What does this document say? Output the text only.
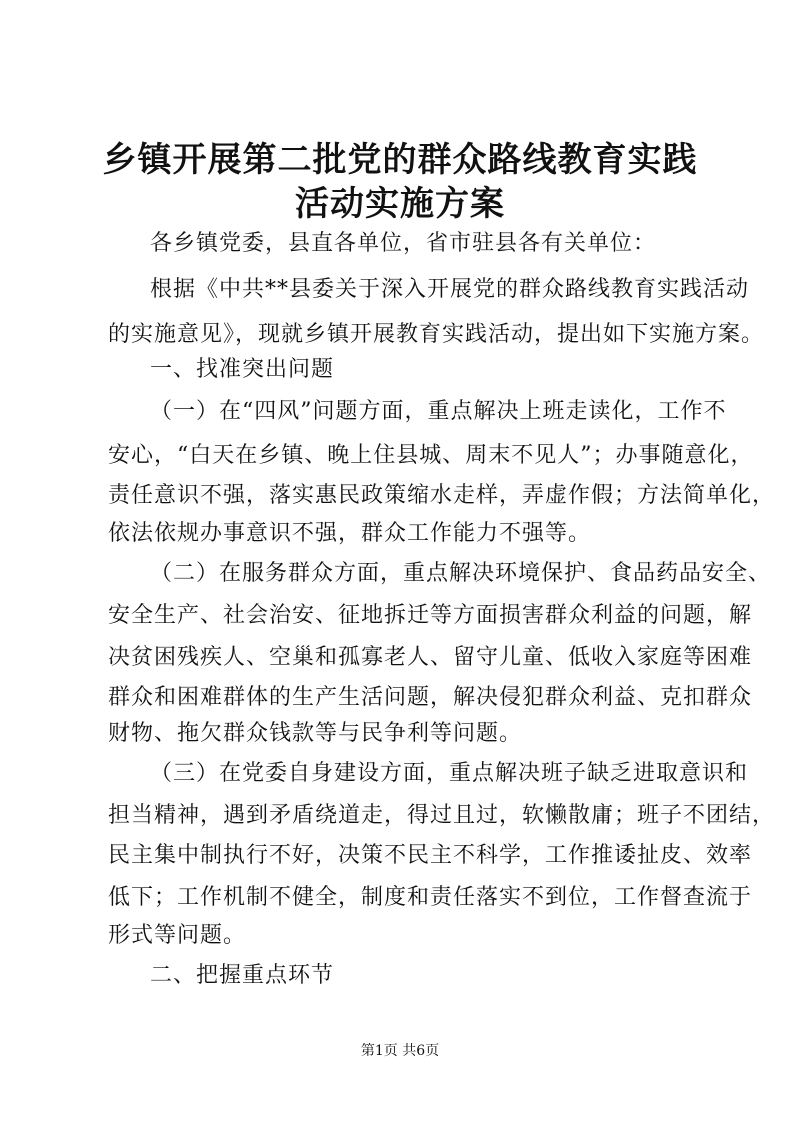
乡镇开展第二批党的群众路线教育实践活动实施方案

各乡镇党委，县直各单位，省市驻县各有关单位：

根据《中共**县委关于深入开展党的群众路线教育实践活动

的实施意见》，现就乡镇开展教育实践活动，提出如下实施方案。

一、找准突出问题

（一）在“四风”问题方面，重点解决上班走读化，工作不

安心，“白天在乡镇、晚上住县城、周末不见人”；办事随意化，

责任意识不强，落实惠民政策缩水走样，弄虚作假；方法简单化，

依法依规办事意识不强，群众工作能力不强等。

（二）在服务群众方面，重点解决环境保护、食品药品安全、

安全生产、社会治安、征地拆迁等方面损害群众利益的问题，解

决贫困残疾人、空巢和孤寡老人、留守儿童、低收入家庭等困难

群众和困难群体的生产生活问题，解决侵犯群众利益、克扣群众

财物、拖欠群众钱款等与民争利等问题。

（三）在党委自身建设方面，重点解决班子缺乏进取意识和

担当精神，遇到矛盾绕道走，得过且过，软懒散庸；班子不团结，

民主集中制执行不好，决策不民主不科学，工作推诿扯皮、效率

低下；工作机制不健全，制度和责任落实不到位，工作督查流于

形式等问题。

二、把握重点环节

第1页 共6页
